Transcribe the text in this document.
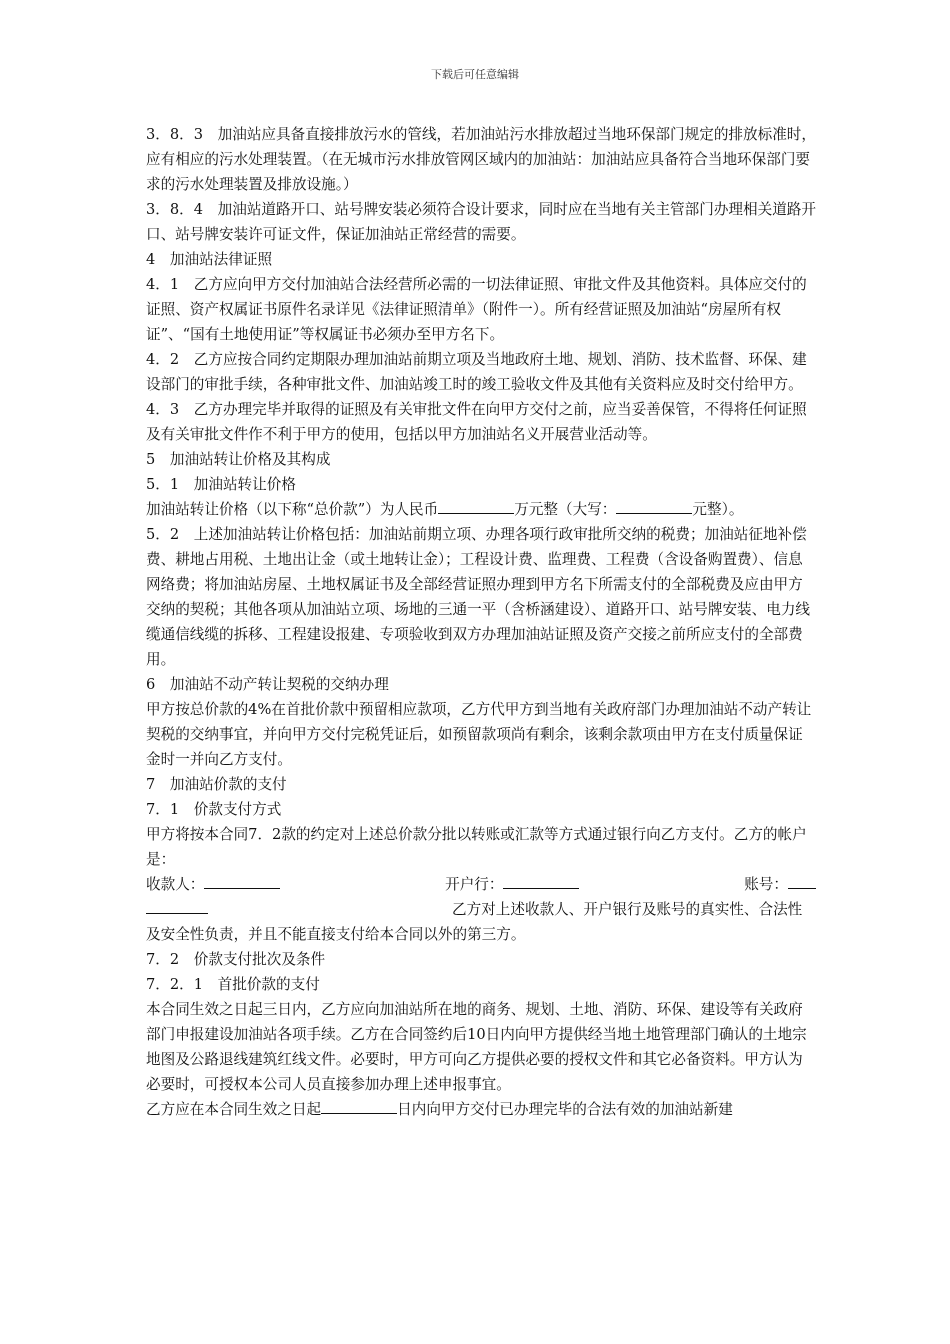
下载后可任意编辑

3．8．3　加油站应具备直接排放污水的管线，若加油站污水排放超过当地环保部门规定的排放标准时，应有相应的污水处理装置。（在无城市污水排放管网区域内的加油站：加油站应具备符合当地环保部门要求的污水处理装置及排放设施。）

3．8．4　加油站道路开口、站号牌安装必须符合设计要求，同时应在当地有关主管部门办理相关道路开口、站号牌安装许可证文件，保证加油站正常经营的需要。

4　加油站法律证照

4．1　乙方应向甲方交付加油站合法经营所必需的一切法律证照、审批文件及其他资料。具体应交付的证照、资产权属证书原件名录详见《法律证照清单》（附件一）。所有经营证照及加油站“房屋所有权证”、“国有土地使用证”等权属证书必须办至甲方名下。

4．2　乙方应按合同约定期限办理加油站前期立项及当地政府土地、规划、消防、技术监督、环保、建设部门的审批手续，各种审批文件、加油站竣工时的竣工验收文件及其他有关资料应及时交付给甲方。

4．3　乙方办理完毕并取得的证照及有关审批文件在向甲方交付之前，应当妥善保管，不得将任何证照及有关审批文件作不利于甲方的使用，包括以甲方加油站名义开展营业活动等。

5　加油站转让价格及其构成

5．1　加油站转让价格

加油站转让价格（以下称“总价款”）为人民币	万元整（大写：	元整）。

5．2　上述加油站转让价格包括：加油站前期立项、办理各项行政审批所交纳的税费；加油站征地补偿费、耕地占用税、土地出让金（或土地转让金）；工程设计费、监理费、工程费（含设备购置费）、信息网络费；将加油站房屋、土地权属证书及全部经营证照办理到甲方名下所需支付的全部税费及应由甲方交纳的契税；其他各项从加油站立项、场地的三通一平（含桥涵建设）、道路开口、站号牌安装、电力线缆通信线缆的拆移、工程建设报建、专项验收到双方办理加油站证照及资产交接之前所应支付的全部费用。

6　加油站不动产转让契税的交纳办理

甲方按总价款的4%在首批价款中预留相应款项，乙方代甲方到当地有关政府部门办理加油站不动产转让契税的交纳事宜，并向甲方交付完税凭证后，如预留款项尚有剩余，该剩余款项由甲方在支付质量保证金时一并向乙方支付。

7　加油站价款的支付

7．1　价款支付方式

甲方将按本合同7．2款的约定对上述总价款分批以转账或汇款等方式通过银行向乙方支付。乙方的帐户是：

收款人：	开户行：	账号：

乙方对上述收款人、开户银行及账号的真实性、合法性及安全性负责，并且不能直接支付给本合同以外的第三方。

7．2　价款支付批次及条件

7．2．1　首批价款的支付

本合同生效之日起三日内，乙方应向加油站所在地的商务、规划、土地、消防、环保、建设等有关政府部门申报建设加油站各项手续。乙方在合同签约后10日内向甲方提供经当地土地管理部门确认的土地宗地图及公路退线建筑红线文件。必要时，甲方可向乙方提供必要的授权文件和其它必备资料。甲方认为必要时，可授权本公司人员直接参加办理上述申报事宜。

乙方应在本合同生效之日起	日内向甲方交付已办理完毕的合法有效的加油站新建
